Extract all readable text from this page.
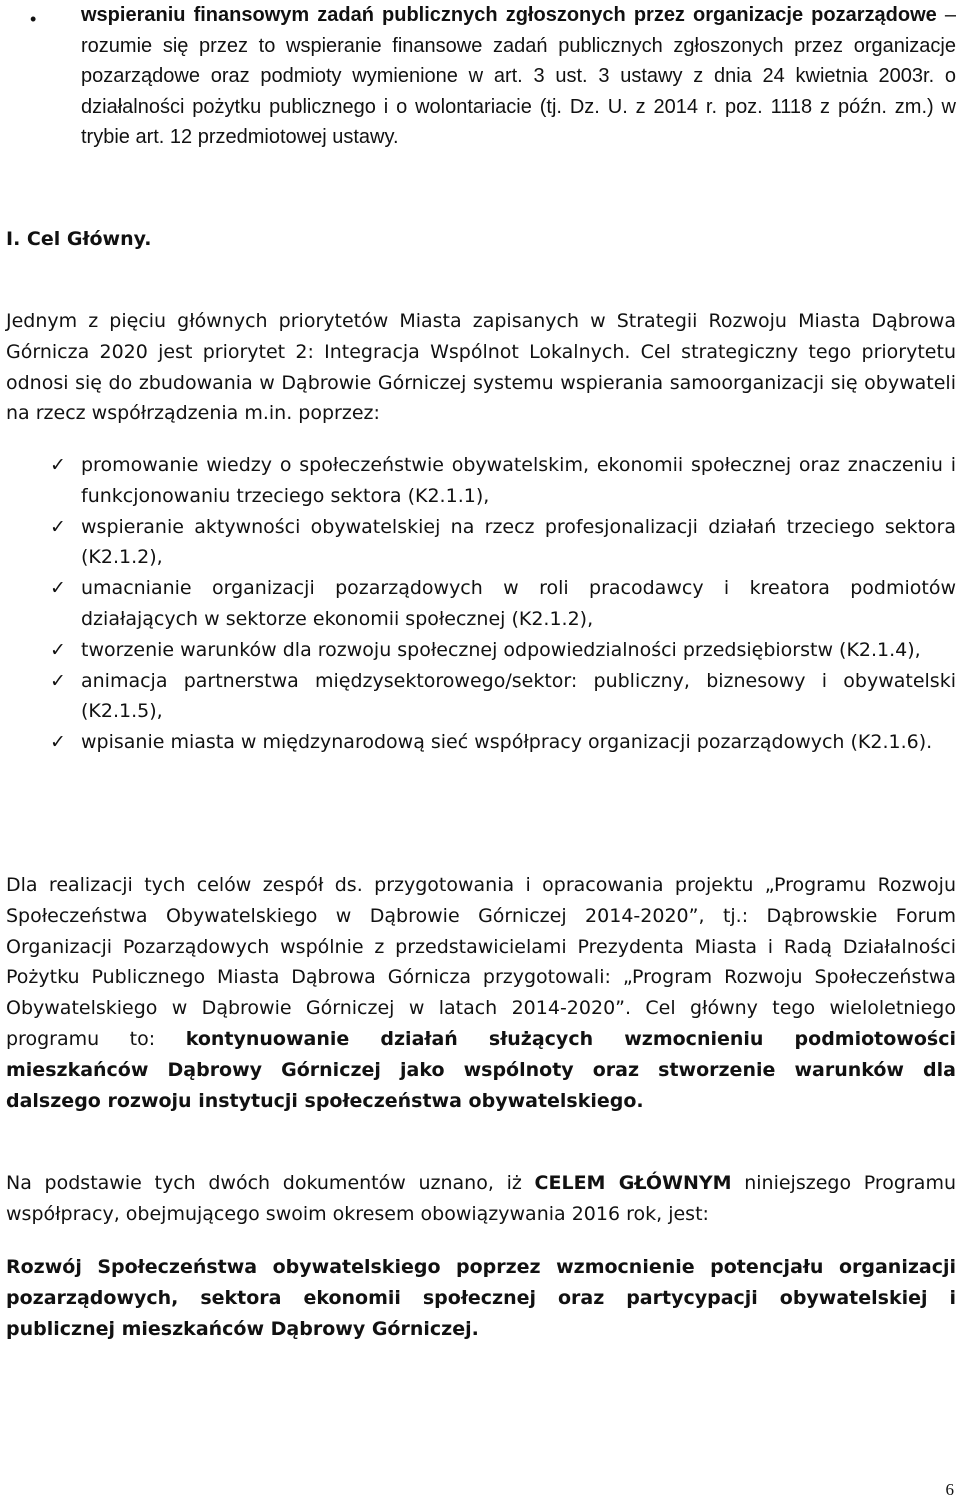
• wspieraniu finansowym zadań publicznych zgłoszonych przez organizacje pozarządowe – rozumie się przez to wspieranie finansowe zadań publicznych zgłoszonych przez organizacje pozarządowe oraz podmioty wymienione w art. 3 ust. 3 ustawy z dnia 24 kwietnia 2003r. o działalności pożytku publicznego i o wolontariacie (tj. Dz. U. z 2014 r. poz. 1118 z późn. zm.) w trybie art. 12 przedmiotowej ustawy.
I. Cel Główny.
Jednym z pięciu głównych priorytetów Miasta zapisanych w Strategii Rozwoju Miasta Dąbrowa Górnicza 2020 jest priorytet 2: Integracja Wspólnot Lokalnych. Cel strategiczny tego priorytetu odnosi się do zbudowania w Dąbrowie Górniczej systemu wspierania samoorganizacji się obywateli na rzecz współrządzenia m.in. poprzez:
✓ promowanie wiedzy o społeczeństwie obywatelskim, ekonomii społecznej oraz znaczeniu i funkcjonowaniu trzeciego sektora (K2.1.1),
✓ wspieranie aktywności obywatelskiej na rzecz profesjonalizacji działań trzeciego sektora (K2.1.2),
✓ umacnianie organizacji pozarządowych w roli pracodawcy i kreatora podmiotów działających w sektorze ekonomii społecznej (K2.1.2),
✓ tworzenie warunków dla rozwoju społecznej odpowiedzialności przedsiębiorstw (K2.1.4),
✓ animacja partnerstwa międzysektorowego/sektor: publiczny, biznesowy i obywatelski (K2.1.5),
✓ wpisanie miasta w międzynarodową sieć współpracy organizacji pozarządowych (K2.1.6).
Dla realizacji tych celów zespół ds. przygotowania i opracowania projektu „Programu Rozwoju Społeczeństwa Obywatelskiego w Dąbrowie Górniczej 2014-2020”, tj.: Dąbrowskie Forum Organizacji Pozarządowych wspólnie z przedstawicielami Prezydenta Miasta i Radą Działalności Pożytku Publicznego Miasta Dąbrowa Górnicza przygotowali: „Program Rozwoju Społeczeństwa Obywatelskiego w Dąbrowie Górniczej w latach 2014-2020”. Cel główny tego wieloletniego programu to: kontynuowanie działań służących wzmocnieniu podmiotowości mieszkańców Dąbrowy Górniczej jako wspólnoty oraz stworzenie warunków dla dalszego rozwoju instytucji społeczeństwa obywatelskiego.
Na podstawie tych dwóch dokumentów uznano, iż CELEM GŁÓWNYM niniejszego Programu współpracy, obejmującego swoim okresem obowiązywania 2016 rok, jest:
Rozwój Społeczeństwa obywatelskiego poprzez wzmocnienie potencjału organizacji pozarządowych, sektora ekonomii społecznej oraz partycypacji obywatelskiej i publicznej mieszkańców Dąbrowy Górniczej.
6
